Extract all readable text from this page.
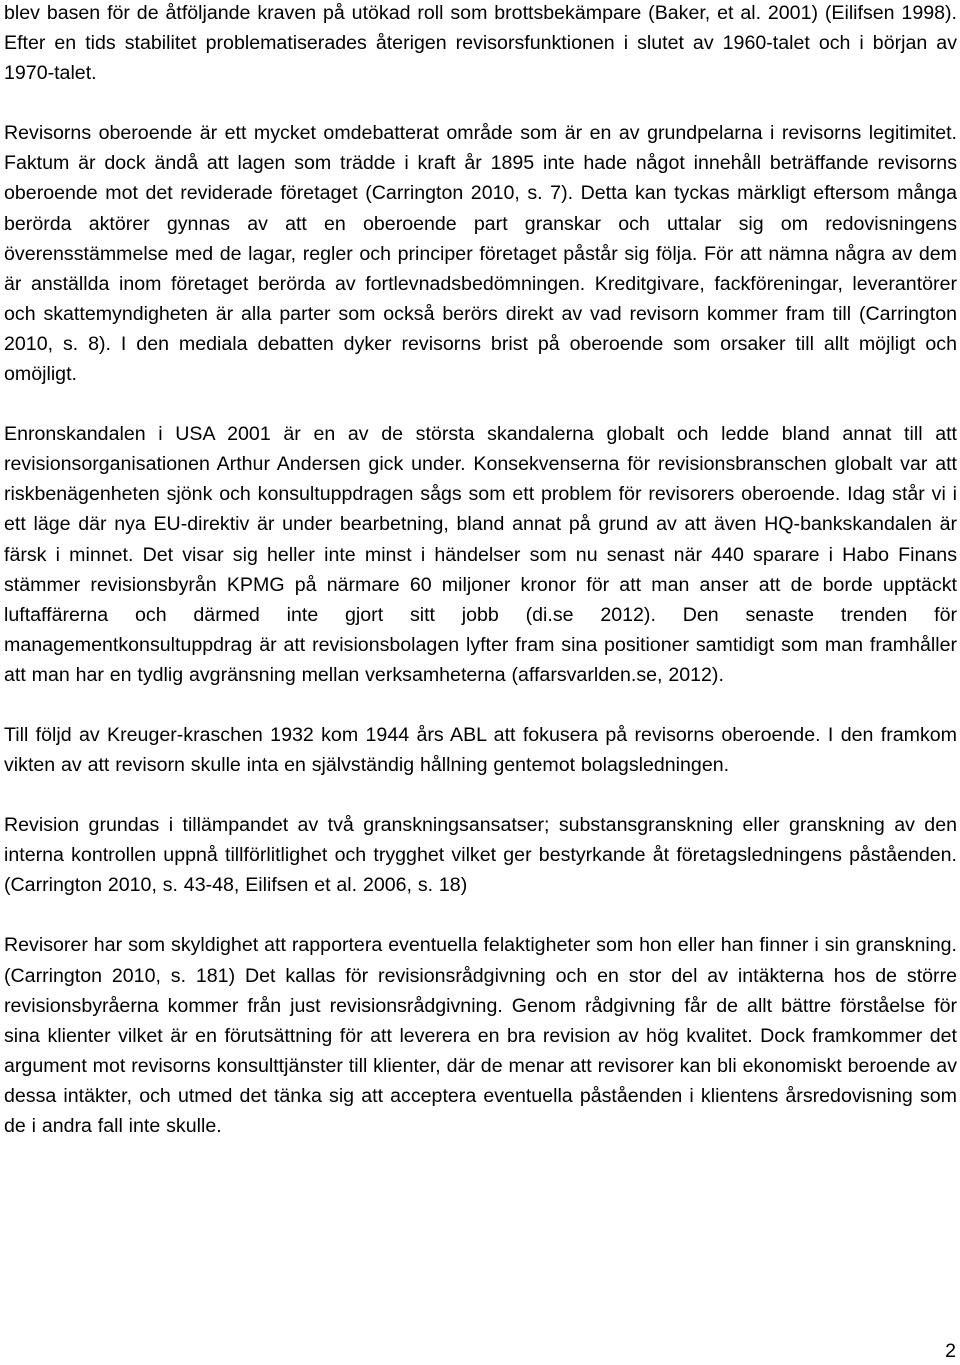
blev basen för de åtföljande kraven på utökad roll som brottsbekämpare (Baker, et al. 2001) (Eilifsen 1998). Efter en tids stabilitet problematiserades återigen revisorsfunktionen i slutet av 1960-talet och i början av 1970-talet.

Revisorns oberoende är ett mycket omdebatterat område som är en av grundpelarna i revisorns legitimitet. Faktum är dock ändå att lagen som trädde i kraft år 1895 inte hade något innehåll beträffande revisorns oberoende mot det reviderade företaget (Carrington 2010, s. 7). Detta kan tyckas märkligt eftersom många berörda aktörer gynnas av att en oberoende part granskar och uttalar sig om redovisningens överensstämmelse med de lagar, regler och principer företaget påstår sig följa. För att nämna några av dem är anställda inom företaget berörda av fortlevnadsbedömningen. Kreditgivare, fackföreningar, leverantörer och skattemyndigheten är alla parter som också berörs direkt av vad revisorn kommer fram till (Carrington 2010, s. 8). I den mediala debatten dyker revisorns brist på oberoende som orsaker till allt möjligt och omöjligt.

Enronskandalen i USA 2001 är en av de största skandalerna globalt och ledde bland annat till att revisionsorganisationen Arthur Andersen gick under. Konsekvenserna för revisionsbranschen globalt var att riskbenägenheten sjönk och konsultuppdragen sågs som ett problem för revisorers oberoende. Idag står vi i ett läge där nya EU-direktiv är under bearbetning, bland annat på grund av att även HQ-bankskandalen är färsk i minnet. Det visar sig heller inte minst i händelser som nu senast när 440 sparare i Habo Finans stämmer revisionsbyrån KPMG på närmare 60 miljoner kronor för att man anser att de borde upptäckt luftaffärerna och därmed inte gjort sitt jobb (di.se 2012). Den senaste trenden för managementkonsultuppdrag är att revisionsbolagen lyfter fram sina positioner samtidigt som man framhåller att man har en tydlig avgränsning mellan verksamheterna (affarsvarlden.se, 2012).

Till följd av Kreuger-kraschen 1932 kom 1944 års ABL att fokusera på revisorns oberoende. I den framkom vikten av att revisorn skulle inta en självständig hållning gentemot bolagsledningen.

Revision grundas i tillämpandet av två granskningsansatser; substansgranskning eller granskning av den interna kontrollen uppnå tillförlitlighet och trygghet vilket ger bestyrkande åt företagsledningens påståenden. (Carrington 2010, s. 43-48, Eilifsen et al. 2006, s. 18)

Revisorer har som skyldighet att rapportera eventuella felaktigheter som hon eller han finner i sin granskning. (Carrington 2010, s. 181) Det kallas för revisionsrådgivning och en stor del av intäkterna hos de större revisionsbyråerna kommer från just revisionsrådgivning. Genom rådgivning får de allt bättre förståelse för sina klienter vilket är en förutsättning för att leverera en bra revision av hög kvalitet. Dock framkommer det argument mot revisorns konsulttjänster till klienter, där de menar att revisorer kan bli ekonomiskt beroende av dessa intäkter, och utmed det tänka sig att acceptera eventuella påståenden i klientens årsredovisning som de i andra fall inte skulle.

2
